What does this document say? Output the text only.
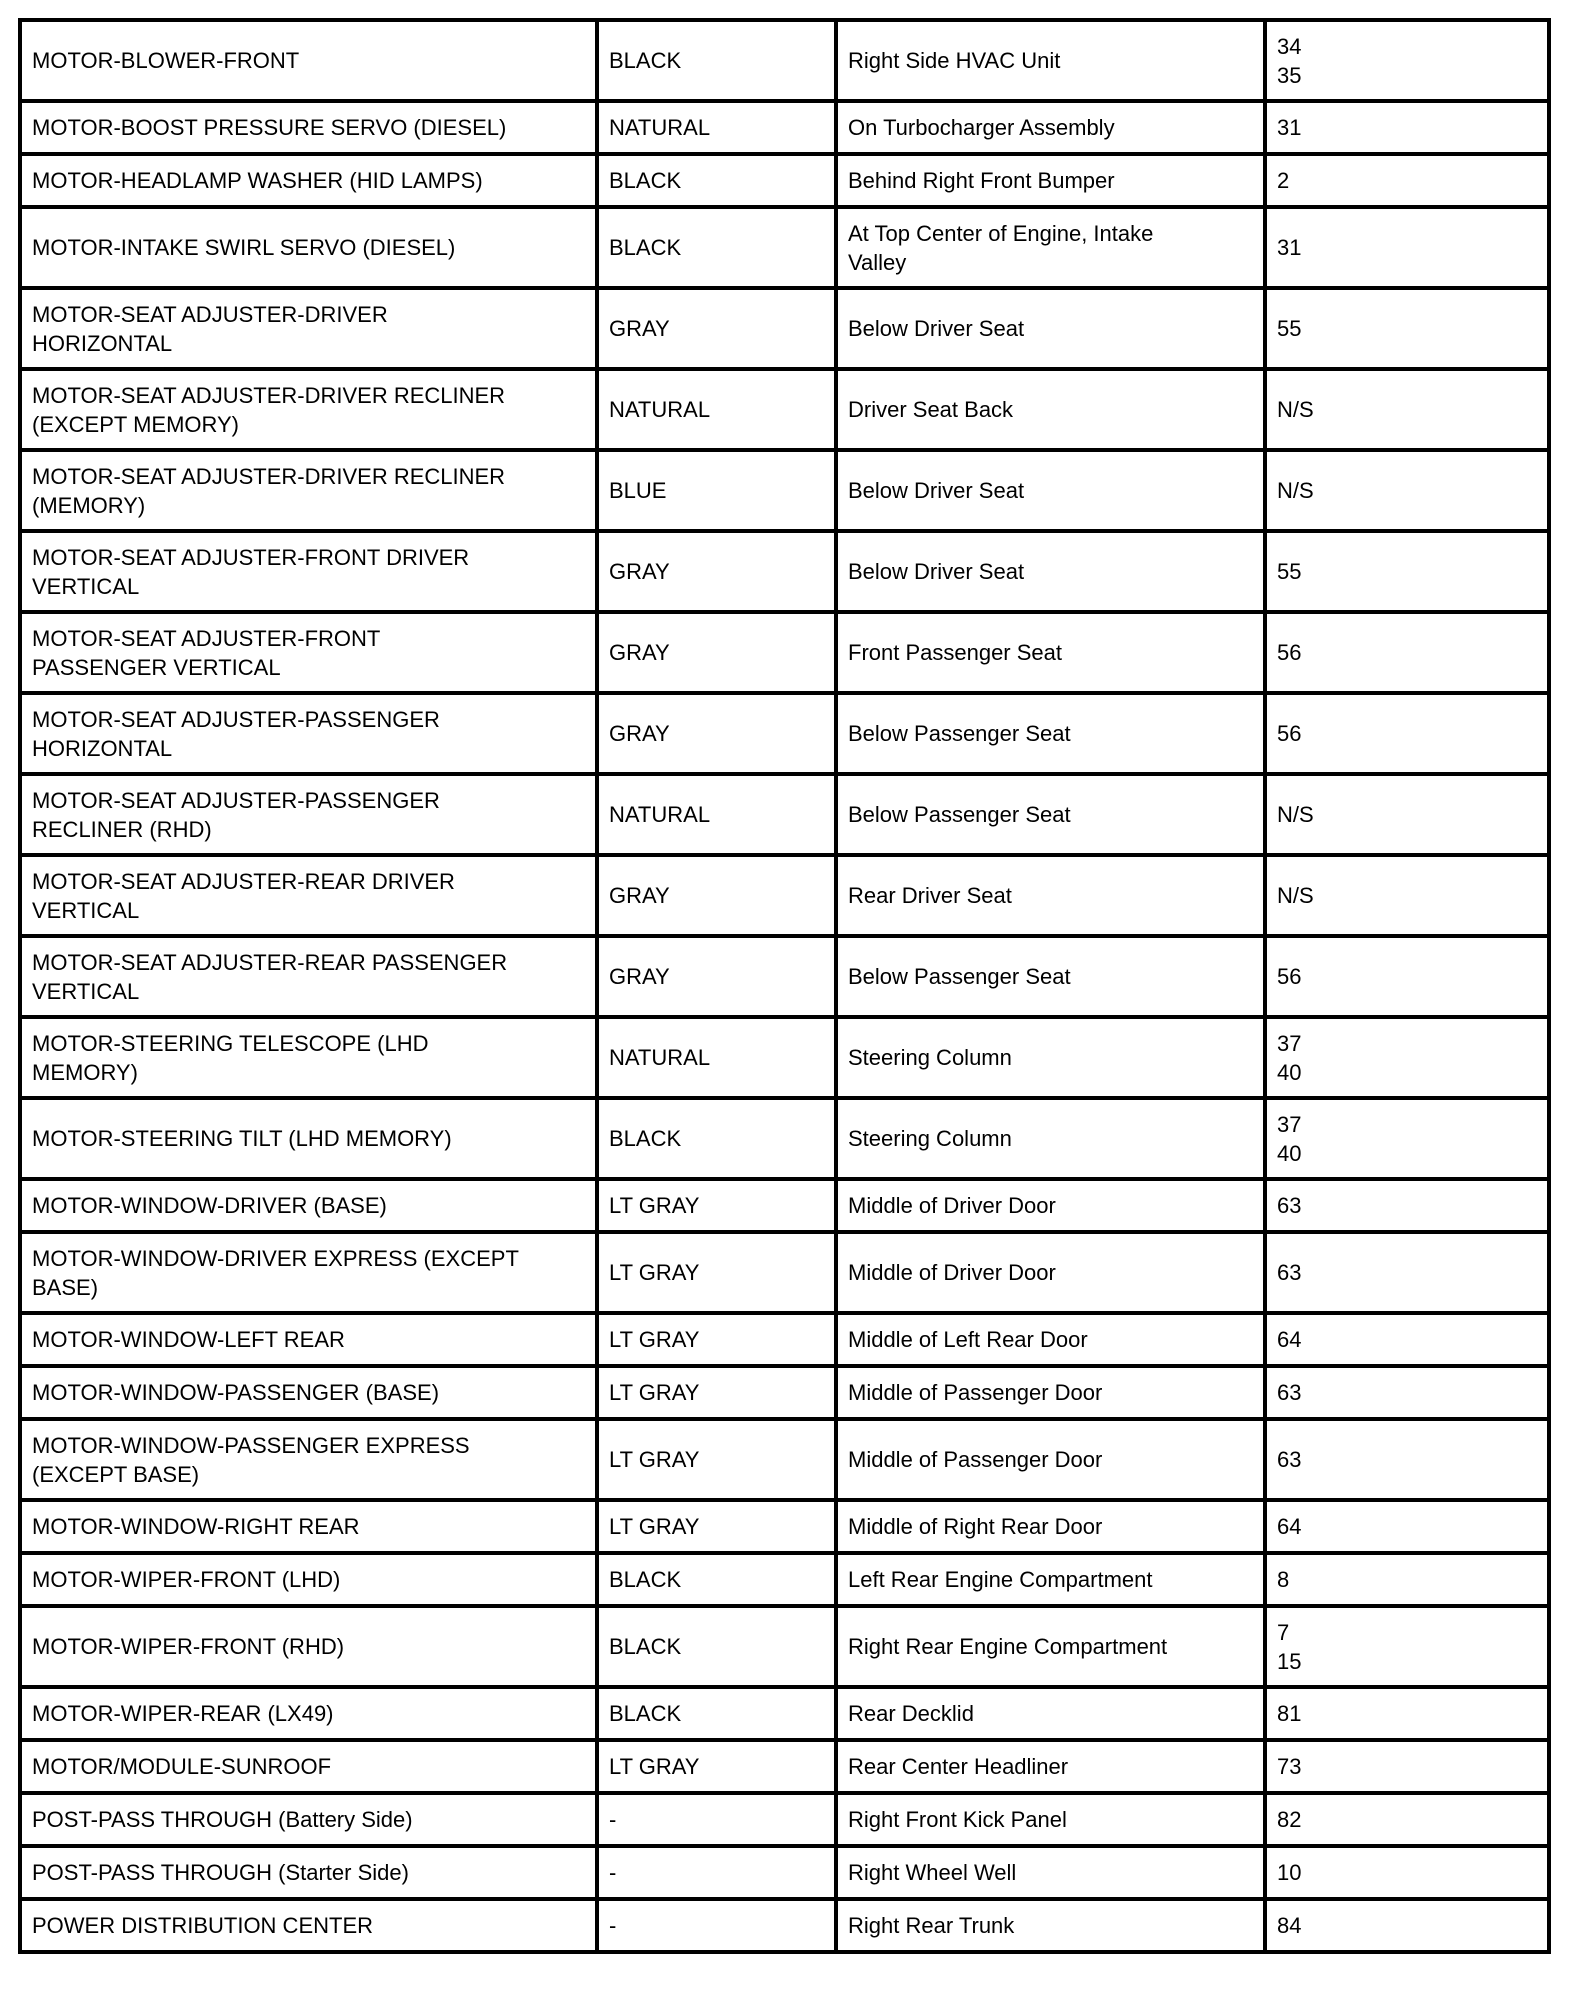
MOTOR-BLOWER-FRONT	BLACK	Right Side HVAC Unit	34
35
MOTOR-BOOST PRESSURE SERVO (DIESEL)	NATURAL	On Turbocharger Assembly	31
MOTOR-HEADLAMP WASHER (HID LAMPS)	BLACK	Behind Right Front Bumper	2
MOTOR-INTAKE SWIRL SERVO (DIESEL)	BLACK	At Top Center of Engine, Intake
Valley	31
MOTOR-SEAT ADJUSTER-DRIVER
HORIZONTAL	GRAY	Below Driver Seat	55
MOTOR-SEAT ADJUSTER-DRIVER RECLINER
(EXCEPT MEMORY)	NATURAL	Driver Seat Back	N/S
MOTOR-SEAT ADJUSTER-DRIVER RECLINER
(MEMORY)	BLUE	Below Driver Seat	N/S
MOTOR-SEAT ADJUSTER-FRONT DRIVER
VERTICAL	GRAY	Below Driver Seat	55
MOTOR-SEAT ADJUSTER-FRONT
PASSENGER VERTICAL	GRAY	Front Passenger Seat	56
MOTOR-SEAT ADJUSTER-PASSENGER
HORIZONTAL	GRAY	Below Passenger Seat	56
MOTOR-SEAT ADJUSTER-PASSENGER
RECLINER (RHD)	NATURAL	Below Passenger Seat	N/S
MOTOR-SEAT ADJUSTER-REAR DRIVER
VERTICAL	GRAY	Rear Driver Seat	N/S
MOTOR-SEAT ADJUSTER-REAR PASSENGER
VERTICAL	GRAY	Below Passenger Seat	56
MOTOR-STEERING TELESCOPE (LHD
MEMORY)	NATURAL	Steering Column	37
40
MOTOR-STEERING TILT (LHD MEMORY)	BLACK	Steering Column	37
40
MOTOR-WINDOW-DRIVER (BASE)	LT GRAY	Middle of Driver Door	63
MOTOR-WINDOW-DRIVER EXPRESS (EXCEPT
BASE)	LT GRAY	Middle of Driver Door	63
MOTOR-WINDOW-LEFT REAR	LT GRAY	Middle of Left Rear Door	64
MOTOR-WINDOW-PASSENGER (BASE)	LT GRAY	Middle of Passenger Door	63
MOTOR-WINDOW-PASSENGER EXPRESS
(EXCEPT BASE)	LT GRAY	Middle of Passenger Door	63
MOTOR-WINDOW-RIGHT REAR	LT GRAY	Middle of Right Rear Door	64
MOTOR-WIPER-FRONT (LHD)	BLACK	Left Rear Engine Compartment	8
MOTOR-WIPER-FRONT (RHD)	BLACK	Right Rear Engine Compartment	7
15
MOTOR-WIPER-REAR (LX49)	BLACK	Rear Decklid	81
MOTOR/MODULE-SUNROOF	LT GRAY	Rear Center Headliner	73
POST-PASS THROUGH (Battery Side)	-	Right Front Kick Panel	82
POST-PASS THROUGH (Starter Side)	-	Right Wheel Well	10
POWER DISTRIBUTION CENTER	-	Right Rear Trunk	84
